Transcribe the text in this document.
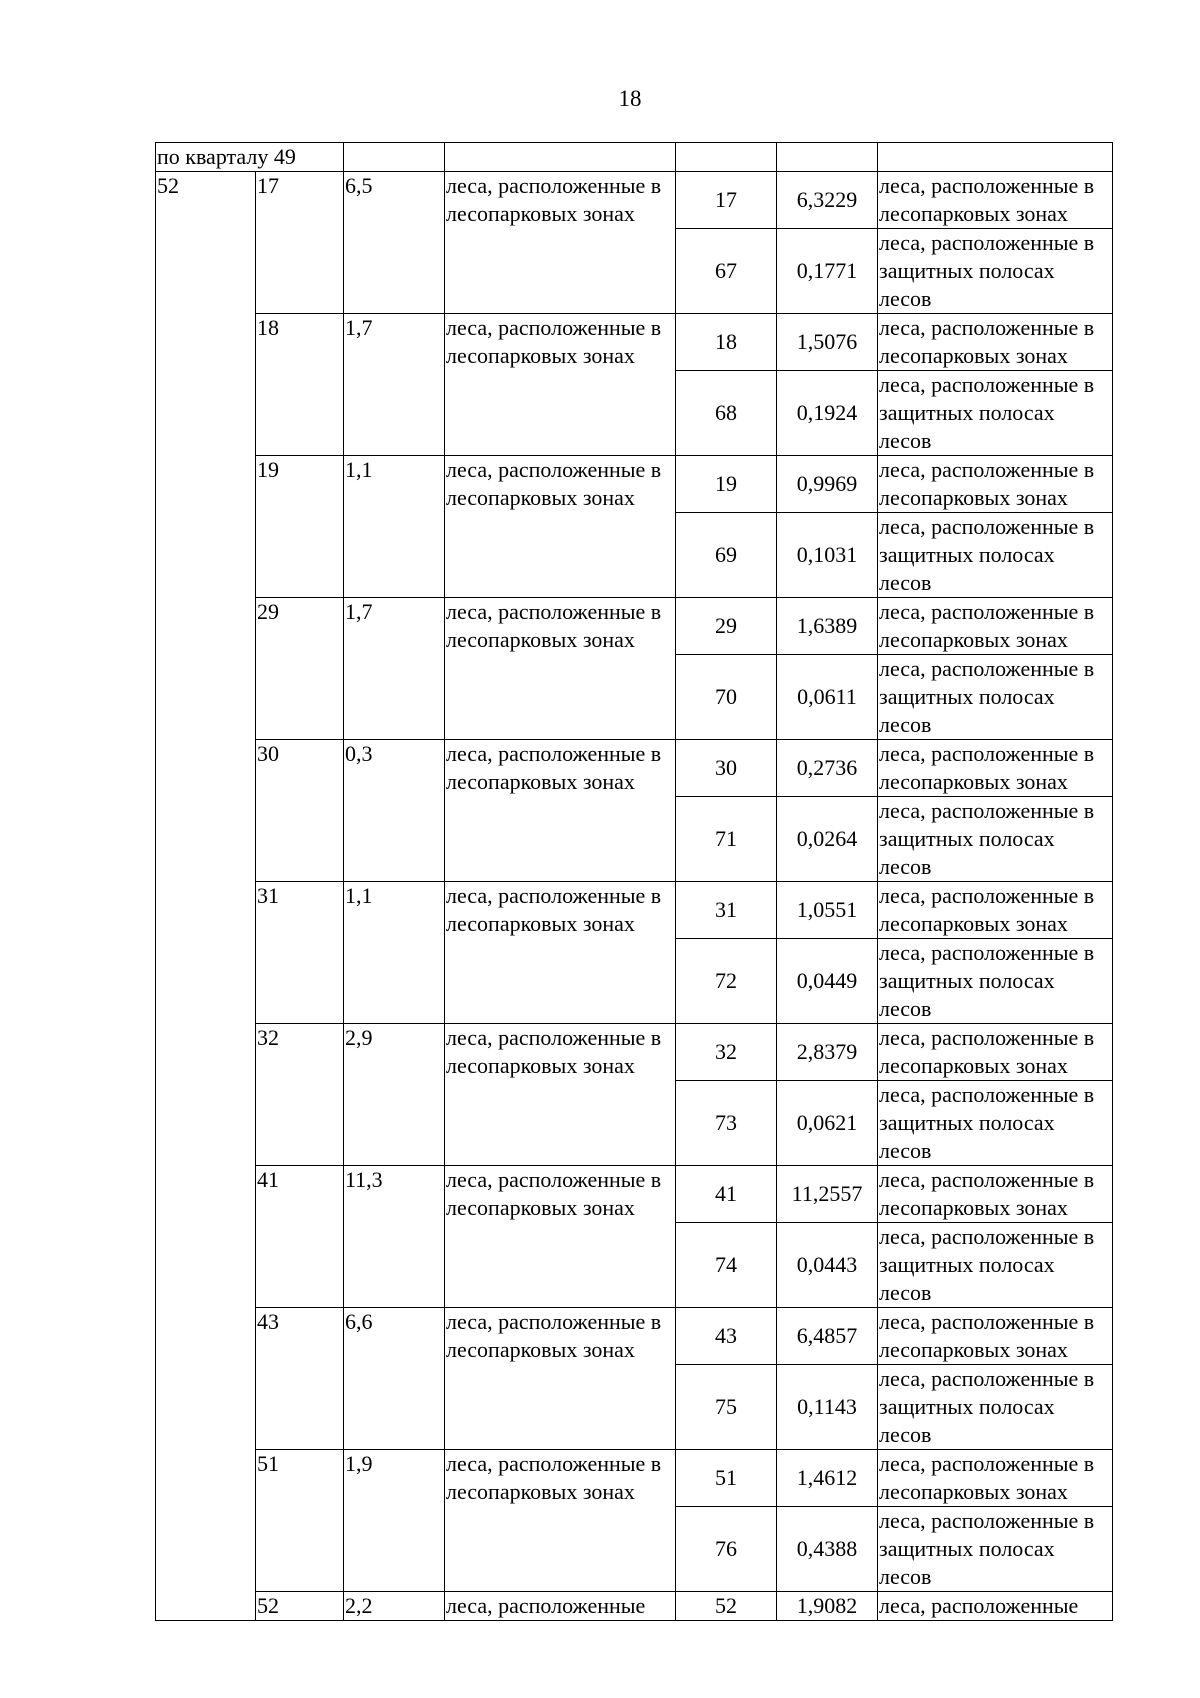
18
по кварталу 49						
52	17	6,5	леса, расположенные в лесопарковых зонах	17	6,3229	леса, расположенные в лесопарковых зонах
				67	0,1771	леса, расположенные в защитных полосах лесов
	18	1,7	леса, расположенные в лесопарковых зонах	18	1,5076	леса, расположенные в лесопарковых зонах
				68	0,1924	леса, расположенные в защитных полосах лесов
	19	1,1	леса, расположенные в лесопарковых зонах	19	0,9969	леса, расположенные в лесопарковых зонах
				69	0,1031	леса, расположенные в защитных полосах лесов
	29	1,7	леса, расположенные в лесопарковых зонах	29	1,6389	леса, расположенные в лесопарковых зонах
				70	0,0611	леса, расположенные в защитных полосах лесов
	30	0,3	леса, расположенные в лесопарковых зонах	30	0,2736	леса, расположенные в лесопарковых зонах
				71	0,0264	леса, расположенные в защитных полосах лесов
	31	1,1	леса, расположенные в лесопарковых зонах	31	1,0551	леса, расположенные в лесопарковых зонах
				72	0,0449	леса, расположенные в защитных полосах лесов
	32	2,9	леса, расположенные в лесопарковых зонах	32	2,8379	леса, расположенные в лесопарковых зонах
				73	0,0621	леса, расположенные в защитных полосах лесов
	41	11,3	леса, расположенные в лесопарковых зонах	41	11,2557	леса, расположенные в лесопарковых зонах
				74	0,0443	леса, расположенные в защитных полосах лесов
	43	6,6	леса, расположенные в лесопарковых зонах	43	6,4857	леса, расположенные в лесопарковых зонах
				75	0,1143	леса, расположенные в защитных полосах лесов
	51	1,9	леса, расположенные в лесопарковых зонах	51	1,4612	леса, расположенные в лесопарковых зонах
				76	0,4388	леса, расположенные в защитных полосах лесов
	52	2,2	леса, расположенные	52	1,9082	леса, расположенные
